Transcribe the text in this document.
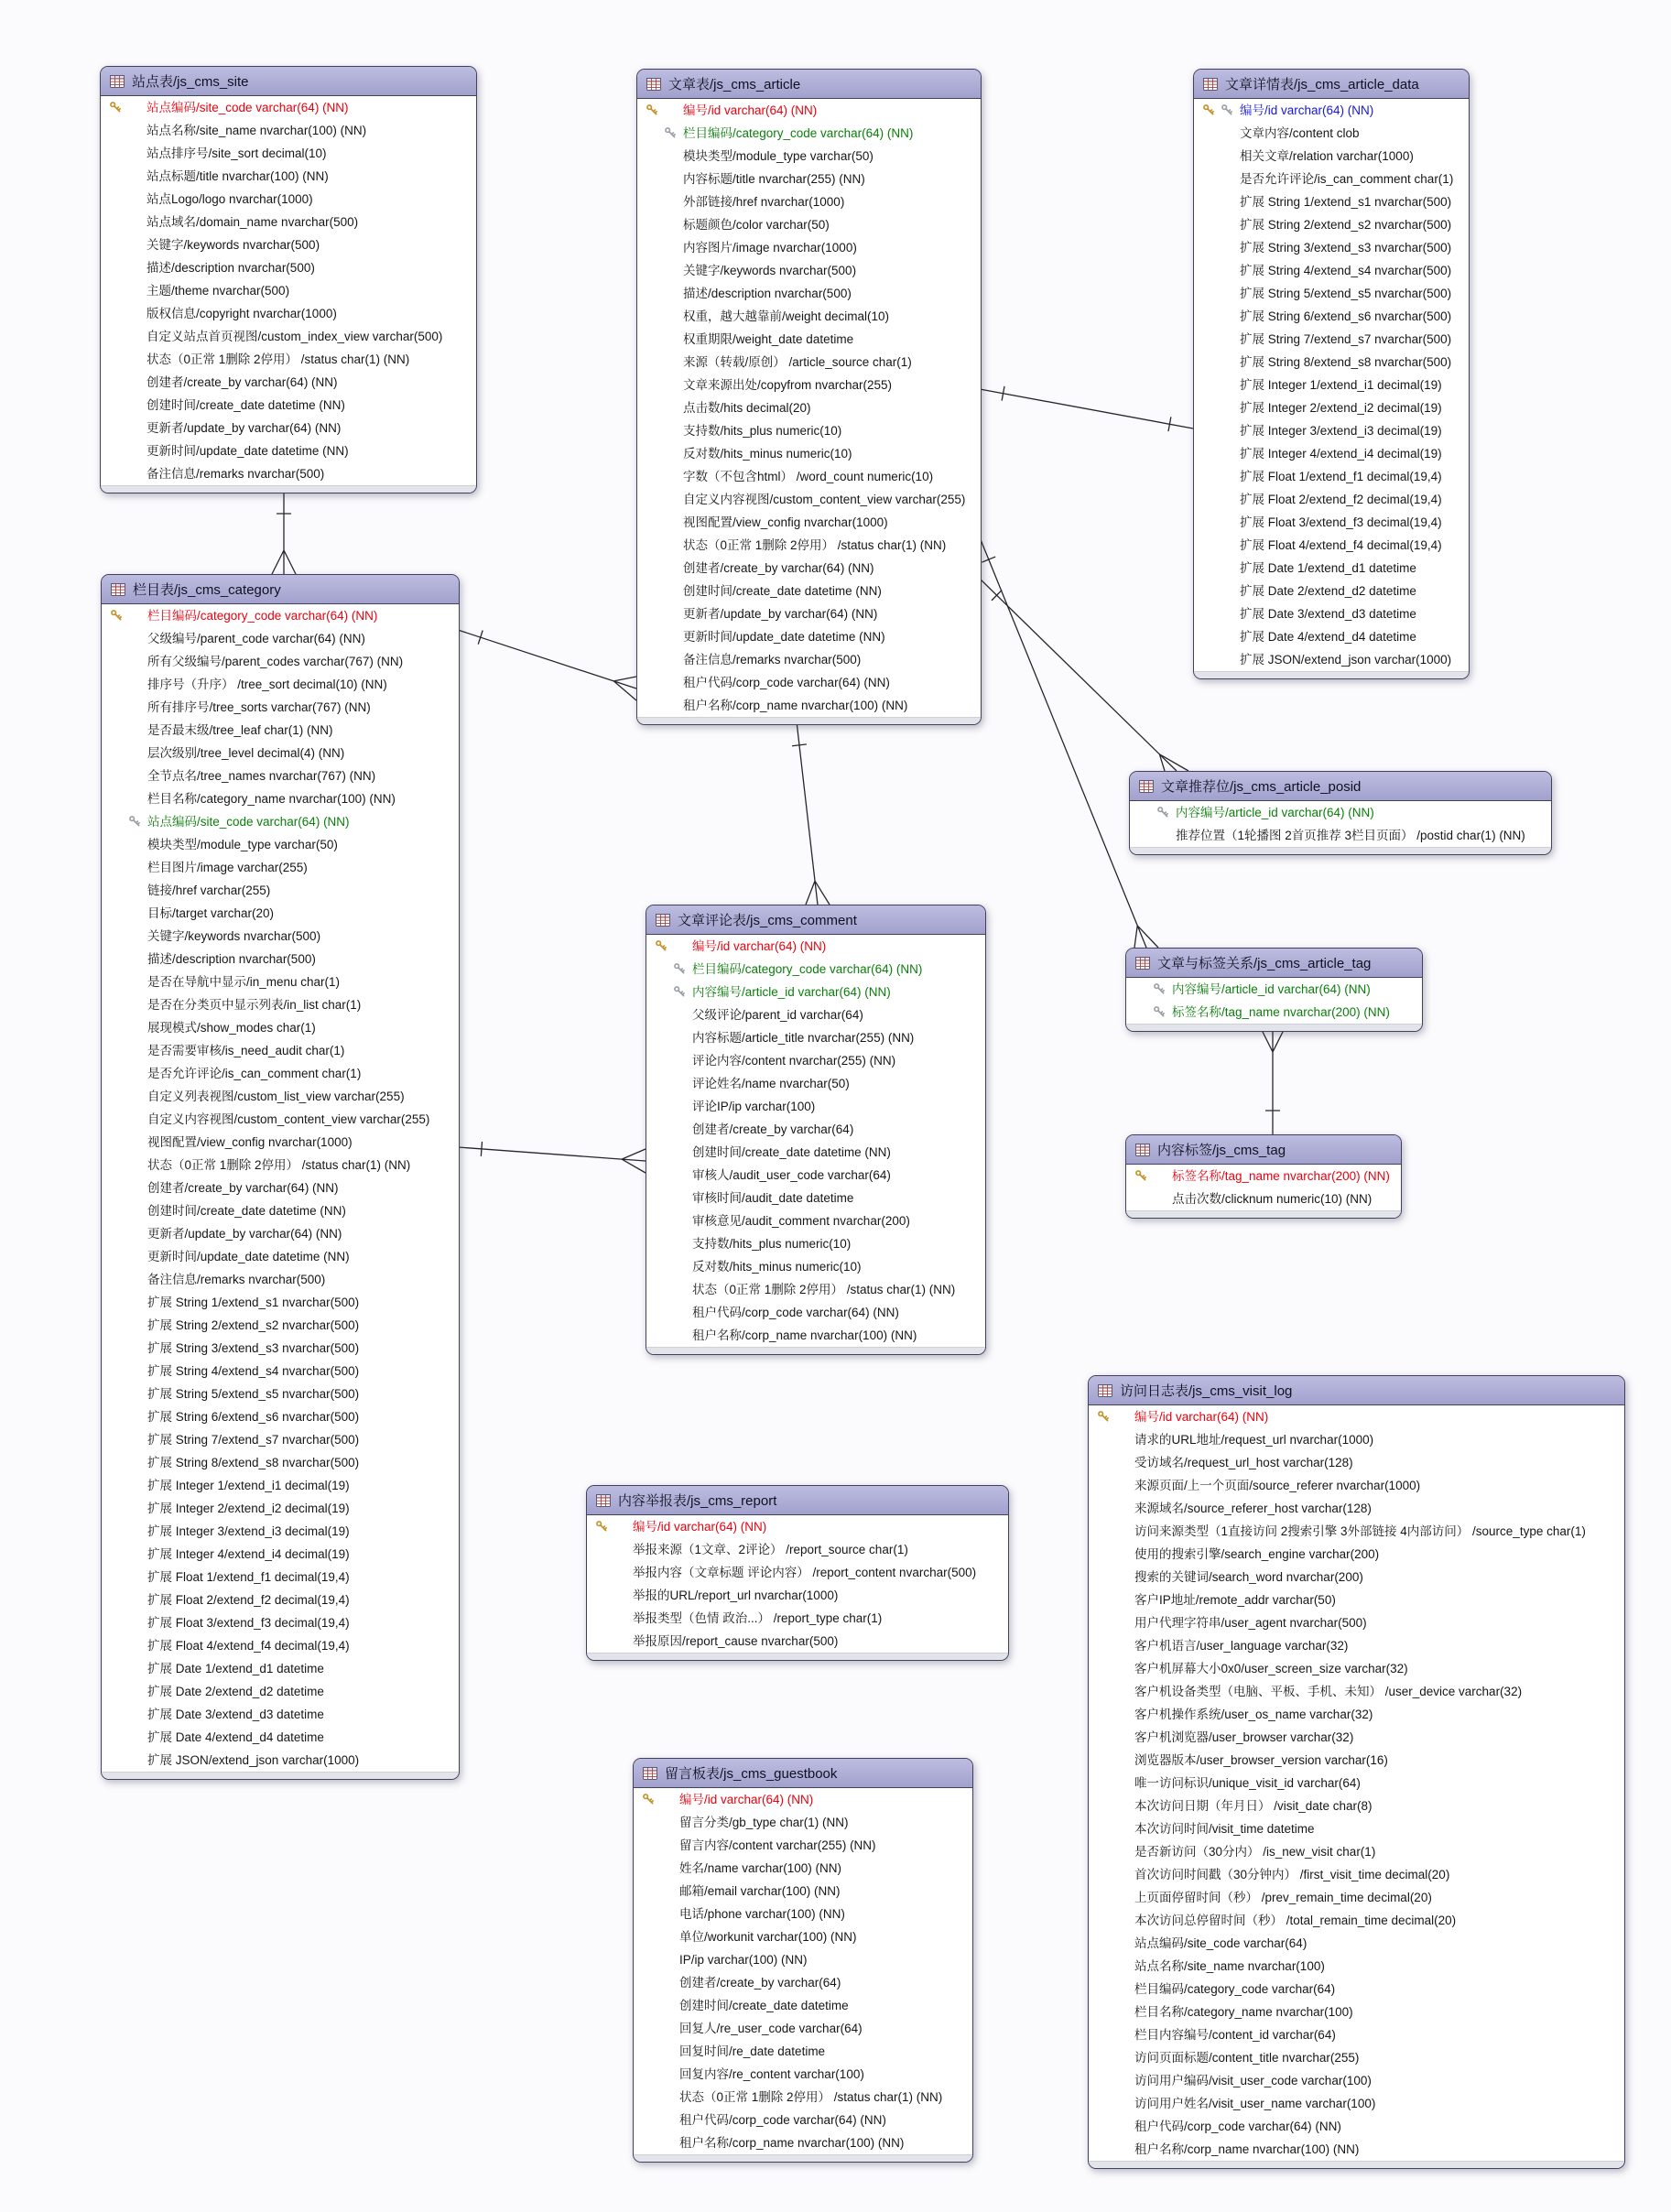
站点表/js_cms_site
站点编码/site_code varchar(64) (NN)
站点名称/site_name nvarchar(100) (NN)
站点排序号/site_sort decimal(10)
站点标题/title nvarchar(100) (NN)
站点Logo/logo nvarchar(1000)
站点域名/domain_name nvarchar(500)
关键字/keywords nvarchar(500)
描述/description nvarchar(500)
主题/theme nvarchar(500)
版权信息/copyright nvarchar(1000)
自定义站点首页视图/custom_index_view varchar(500)
状态（0正常 1删除 2停用） /status char(1) (NN)
创建者/create_by varchar(64) (NN)
创建时间/create_date datetime (NN)
更新者/update_by varchar(64) (NN)
更新时间/update_date datetime (NN)
备注信息/remarks nvarchar(500)
栏目表/js_cms_category
栏目编码/category_code varchar(64) (NN)
父级编号/parent_code varchar(64) (NN)
所有父级编号/parent_codes varchar(767) (NN)
排序号（升序） /tree_sort decimal(10) (NN)
所有排序号/tree_sorts varchar(767) (NN)
是否最末级/tree_leaf char(1) (NN)
层次级别/tree_level decimal(4) (NN)
全节点名/tree_names nvarchar(767) (NN)
栏目名称/category_name nvarchar(100) (NN)
站点编码/site_code varchar(64) (NN)
模块类型/module_type varchar(50)
栏目图片/image varchar(255)
链接/href varchar(255)
目标/target varchar(20)
关键字/keywords nvarchar(500)
描述/description nvarchar(500)
是否在导航中显示/in_menu char(1)
是否在分类页中显示列表/in_list char(1)
展现模式/show_modes char(1)
是否需要审核/is_need_audit char(1)
是否允许评论/is_can_comment char(1)
自定义列表视图/custom_list_view varchar(255)
自定义内容视图/custom_content_view varchar(255)
视图配置/view_config nvarchar(1000)
状态（0正常 1删除 2停用） /status char(1) (NN)
创建者/create_by varchar(64) (NN)
创建时间/create_date datetime (NN)
更新者/update_by varchar(64) (NN)
更新时间/update_date datetime (NN)
备注信息/remarks nvarchar(500)
扩展 String 1/extend_s1 nvarchar(500)
扩展 String 2/extend_s2 nvarchar(500)
扩展 String 3/extend_s3 nvarchar(500)
扩展 String 4/extend_s4 nvarchar(500)
扩展 String 5/extend_s5 nvarchar(500)
扩展 String 6/extend_s6 nvarchar(500)
扩展 String 7/extend_s7 nvarchar(500)
扩展 String 8/extend_s8 nvarchar(500)
扩展 Integer 1/extend_i1 decimal(19)
扩展 Integer 2/extend_i2 decimal(19)
扩展 Integer 3/extend_i3 decimal(19)
扩展 Integer 4/extend_i4 decimal(19)
扩展 Float 1/extend_f1 decimal(19,4)
扩展 Float 2/extend_f2 decimal(19,4)
扩展 Float 3/extend_f3 decimal(19,4)
扩展 Float 4/extend_f4 decimal(19,4)
扩展 Date 1/extend_d1 datetime
扩展 Date 2/extend_d2 datetime
扩展 Date 3/extend_d3 datetime
扩展 Date 4/extend_d4 datetime
扩展 JSON/extend_json varchar(1000)
文章表/js_cms_article
编号/id varchar(64) (NN)
栏目编码/category_code varchar(64) (NN)
模块类型/module_type varchar(50)
内容标题/title nvarchar(255) (NN)
外部链接/href nvarchar(1000)
标题颜色/color varchar(50)
内容图片/image nvarchar(1000)
关键字/keywords nvarchar(500)
描述/description nvarchar(500)
权重，越大越靠前/weight decimal(10)
权重期限/weight_date datetime
来源（转载/原创） /article_source char(1)
文章来源出处/copyfrom nvarchar(255)
点击数/hits decimal(20)
支持数/hits_plus numeric(10)
反对数/hits_minus numeric(10)
字数（不包含html） /word_count numeric(10)
自定义内容视图/custom_content_view varchar(255)
视图配置/view_config nvarchar(1000)
状态（0正常 1删除 2停用） /status char(1) (NN)
创建者/create_by varchar(64) (NN)
创建时间/create_date datetime (NN)
更新者/update_by varchar(64) (NN)
更新时间/update_date datetime (NN)
备注信息/remarks nvarchar(500)
租户代码/corp_code varchar(64) (NN)
租户名称/corp_name nvarchar(100) (NN)
文章详情表/js_cms_article_data
编号/id varchar(64) (NN)
文章内容/content clob
相关文章/relation varchar(1000)
是否允许评论/is_can_comment char(1)
扩展 String 1/extend_s1 nvarchar(500)
扩展 String 2/extend_s2 nvarchar(500)
扩展 String 3/extend_s3 nvarchar(500)
扩展 String 4/extend_s4 nvarchar(500)
扩展 String 5/extend_s5 nvarchar(500)
扩展 String 6/extend_s6 nvarchar(500)
扩展 String 7/extend_s7 nvarchar(500)
扩展 String 8/extend_s8 nvarchar(500)
扩展 Integer 1/extend_i1 decimal(19)
扩展 Integer 2/extend_i2 decimal(19)
扩展 Integer 3/extend_i3 decimal(19)
扩展 Integer 4/extend_i4 decimal(19)
扩展 Float 1/extend_f1 decimal(19,4)
扩展 Float 2/extend_f2 decimal(19,4)
扩展 Float 3/extend_f3 decimal(19,4)
扩展 Float 4/extend_f4 decimal(19,4)
扩展 Date 1/extend_d1 datetime
扩展 Date 2/extend_d2 datetime
扩展 Date 3/extend_d3 datetime
扩展 Date 4/extend_d4 datetime
扩展 JSON/extend_json varchar(1000)
文章推荐位/js_cms_article_posid
内容编号/article_id varchar(64) (NN)
推荐位置（1轮播图 2首页推荐 3栏目页面） /postid char(1) (NN)
文章与标签关系/js_cms_article_tag
内容编号/article_id varchar(64) (NN)
标签名称/tag_name nvarchar(200) (NN)
内容标签/js_cms_tag
标签名称/tag_name nvarchar(200) (NN)
点击次数/clicknum numeric(10) (NN)
文章评论表/js_cms_comment
编号/id varchar(64) (NN)
栏目编码/category_code varchar(64) (NN)
内容编号/article_id varchar(64) (NN)
父级评论/parent_id varchar(64)
内容标题/article_title nvarchar(255) (NN)
评论内容/content nvarchar(255) (NN)
评论姓名/name nvarchar(50)
评论IP/ip varchar(100)
创建者/create_by varchar(64)
创建时间/create_date datetime (NN)
审核人/audit_user_code varchar(64)
审核时间/audit_date datetime
审核意见/audit_comment nvarchar(200)
支持数/hits_plus numeric(10)
反对数/hits_minus numeric(10)
状态（0正常 1删除 2停用） /status char(1) (NN)
租户代码/corp_code varchar(64) (NN)
租户名称/corp_name nvarchar(100) (NN)
内容举报表/js_cms_report
编号/id varchar(64) (NN)
举报来源（1文章、2评论） /report_source char(1)
举报内容（文章标题 评论内容） /report_content nvarchar(500)
举报的URL/report_url nvarchar(1000)
举报类型（色情 政治...） /report_type char(1)
举报原因/report_cause nvarchar(500)
留言板表/js_cms_guestbook
编号/id varchar(64) (NN)
留言分类/gb_type char(1) (NN)
留言内容/content varchar(255) (NN)
姓名/name varchar(100) (NN)
邮箱/email varchar(100) (NN)
电话/phone varchar(100) (NN)
单位/workunit varchar(100) (NN)
IP/ip varchar(100) (NN)
创建者/create_by varchar(64)
创建时间/create_date datetime
回复人/re_user_code varchar(64)
回复时间/re_date datetime
回复内容/re_content varchar(100)
状态（0正常 1删除 2停用） /status char(1) (NN)
租户代码/corp_code varchar(64) (NN)
租户名称/corp_name nvarchar(100) (NN)
访问日志表/js_cms_visit_log
编号/id varchar(64) (NN)
请求的URL地址/request_url nvarchar(1000)
受访域名/request_url_host varchar(128)
来源页面/上一个页面/source_referer nvarchar(1000)
来源域名/source_referer_host varchar(128)
访问来源类型（1直接访问 2搜索引擎 3外部链接 4内部访问） /source_type char(1)
使用的搜索引擎/search_engine varchar(200)
搜索的关键词/search_word nvarchar(200)
客户IP地址/remote_addr varchar(50)
用户代理字符串/user_agent nvarchar(500)
客户机语言/user_language varchar(32)
客户机屏幕大小0x0/user_screen_size varchar(32)
客户机设备类型（电脑、平板、手机、未知） /user_device varchar(32)
客户机操作系统/user_os_name varchar(32)
客户机浏览器/user_browser varchar(32)
浏览器版本/user_browser_version varchar(16)
唯一访问标识/unique_visit_id varchar(64)
本次访问日期（年月日） /visit_date char(8)
本次访问时间/visit_time datetime
是否新访问（30分内） /is_new_visit char(1)
首次访问时间戳（30分钟内） /first_visit_time decimal(20)
上页面停留时间（秒） /prev_remain_time decimal(20)
本次访问总停留时间（秒） /total_remain_time decimal(20)
站点编码/site_code varchar(64)
站点名称/site_name nvarchar(100)
栏目编码/category_code varchar(64)
栏目名称/category_name nvarchar(100)
栏目内容编号/content_id varchar(64)
访问页面标题/content_title nvarchar(255)
访问用户编码/visit_user_code varchar(100)
访问用户姓名/visit_user_name varchar(100)
租户代码/corp_code varchar(64) (NN)
租户名称/corp_name nvarchar(100) (NN)
